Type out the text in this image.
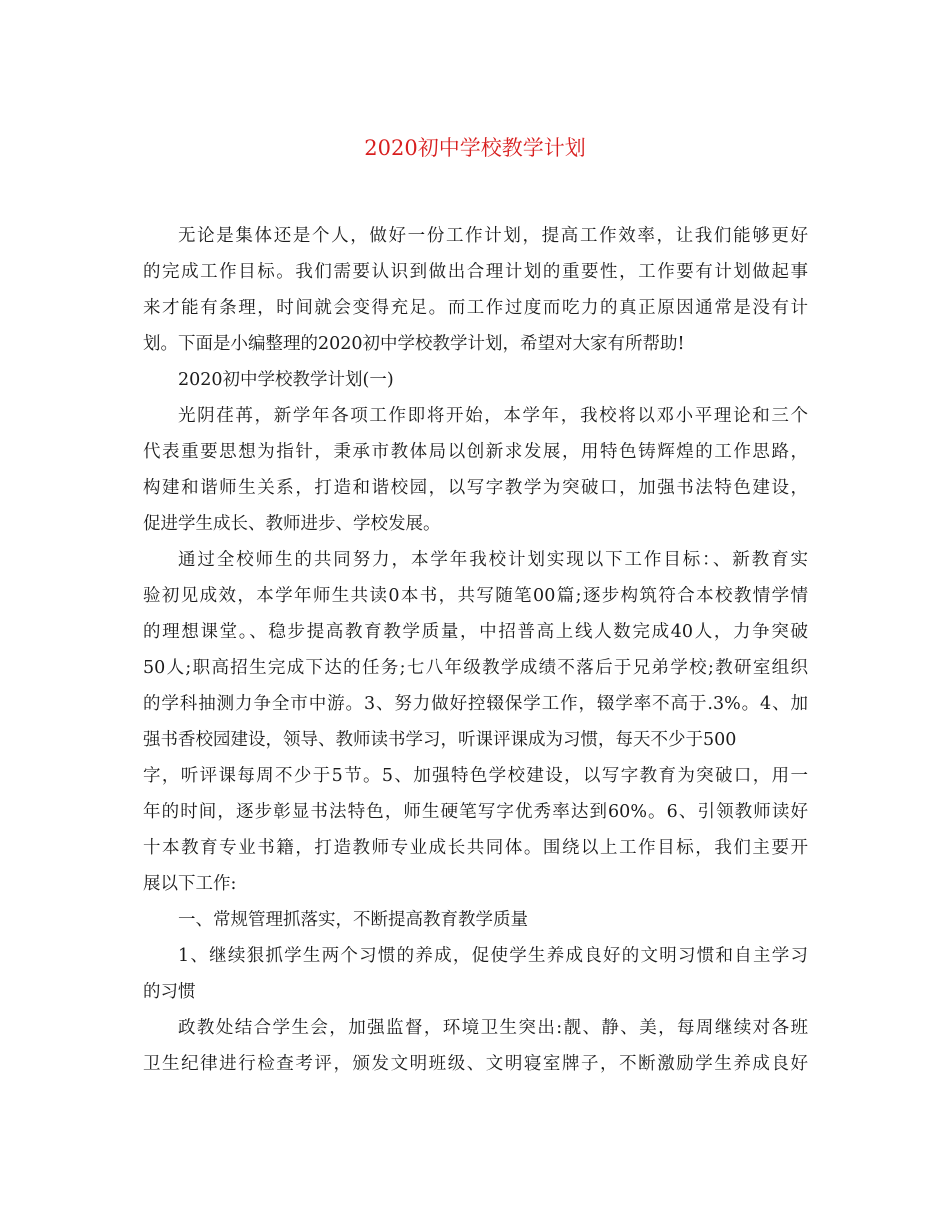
2020初中学校教学计划
无论是集体还是个人，做好一份工作计划，提高工作效率，让我们能够更好
的完成工作目标。我们需要认识到做出合理计划的重要性，工作要有计划做起事
来才能有条理，时间就会变得充足。而工作过度而吃力的真正原因通常是没有计
划。下面是小编整理的2020初中学校教学计划，希望对大家有所帮助!
2020初中学校教学计划(一)
光阴荏苒，新学年各项工作即将开始，本学年，我校将以邓小平理论和三个
代表重要思想为指针，秉承市教体局以创新求发展，用特色铸辉煌的工作思路，
构建和谐师生关系，打造和谐校园，以写字教学为突破口，加强书法特色建设，
促进学生成长、教师进步、学校发展。
通过全校师生的共同努力，本学年我校计划实现以下工作目标：、新教育实
验初见成效，本学年师生共读0本书，共写随笔00篇;逐步构筑符合本校教情学情
的理想课堂。、稳步提高教育教学质量，中招普高上线人数完成40人，力争突破
50人;职高招生完成下达的任务;七八年级教学成绩不落后于兄弟学校;教研室组织
的学科抽测力争全市中游。3、努力做好控辍保学工作，辍学率不高于.3%。4、加
强书香校园建设，领导、教师读书学习，听课评课成为习惯，每天不少于500
字，听评课每周不少于5节。5、加强特色学校建设，以写字教育为突破口，用一
年的时间，逐步彰显书法特色，师生硬笔写字优秀率达到60%。6、引领教师读好
十本教育专业书籍，打造教师专业成长共同体。围绕以上工作目标，我们主要开
展以下工作:
一、常规管理抓落实，不断提高教育教学质量
1、继续狠抓学生两个习惯的养成，促使学生养成良好的文明习惯和自主学习
的习惯
政教处结合学生会，加强监督，环境卫生突出:靓、静、美，每周继续对各班
卫生纪律进行检查考评，颁发文明班级、文明寝室牌子，不断激励学生养成良好
